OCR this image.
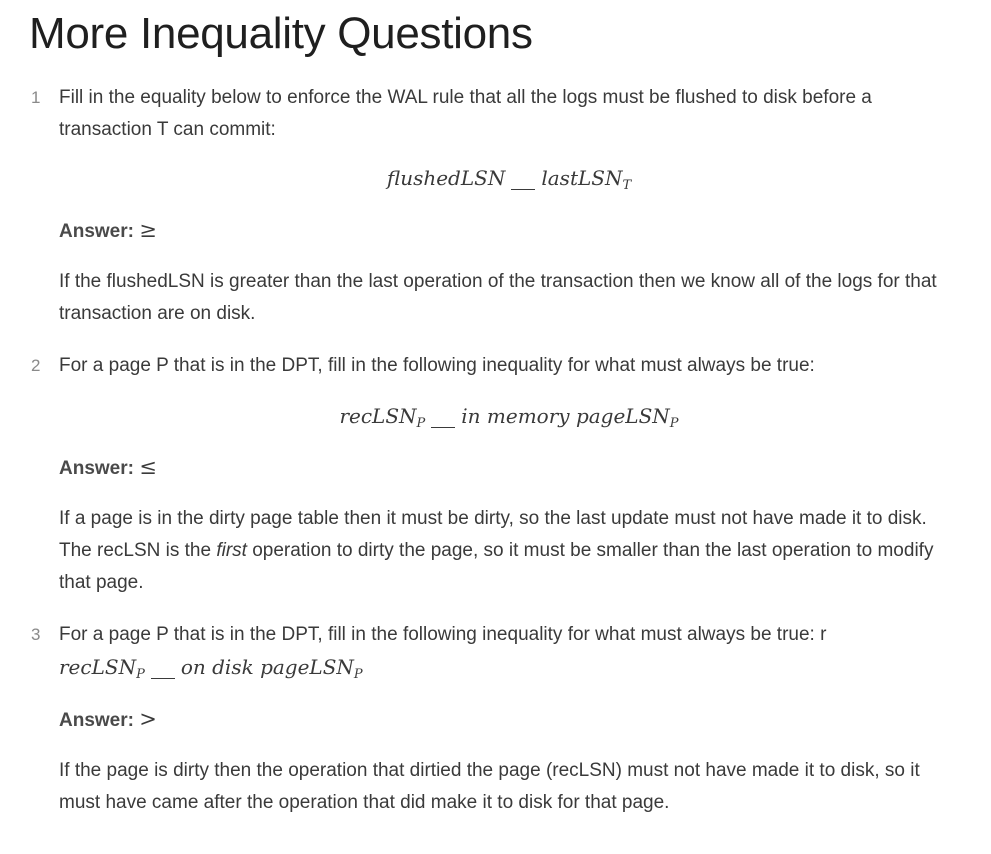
More Inequality Questions
1 Fill in the equality below to enforce the WAL rule that all the logs must be flushed to disk before a transaction T can commit:

flushedLSN lastLSN$_T$

Answer: ≥

If the flushedLSN is greater than the last operation of the transaction then we know all of the logs for that transaction are on disk.

2 For a page P that is in the DPT, fill in the following inequality for what must always be true:

recLSN$_P$ in memory pageLSN$_P$

Answer: ≤

If a page is in the dirty page table then it must be dirty, so the last update must not have made it to disk. The recLSN is the first operation to dirty the page, so it must be smaller than the last operation to modify that page.

3 For a page P that is in the DPT, fill in the following inequality for what must always be true: r

recLSN$_P$ on disk pageLSN$_P$

Answer: >

If the page is dirty then the operation that dirtied the page (recLSN) must not have made it to disk, so it must have came after the operation that did make it to disk for that page.
